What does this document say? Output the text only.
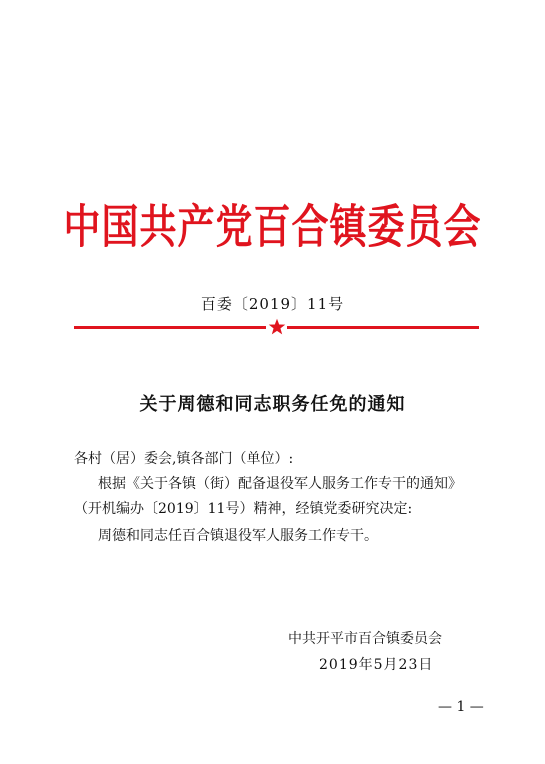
中国共产党百合镇委员会
百委〔2019〕11号
关于周德和同志职务任免的通知
各村（居）委会,镇各部门（单位）:
根据《关于各镇（街）配备退役军人服务工作专干的通知》
（开机编办〔2019〕11号）精神，经镇党委研究决定:
周德和同志任百合镇退役军人服务工作专干。
中共开平市百合镇委员会
2019年5月23日
— 1 —
